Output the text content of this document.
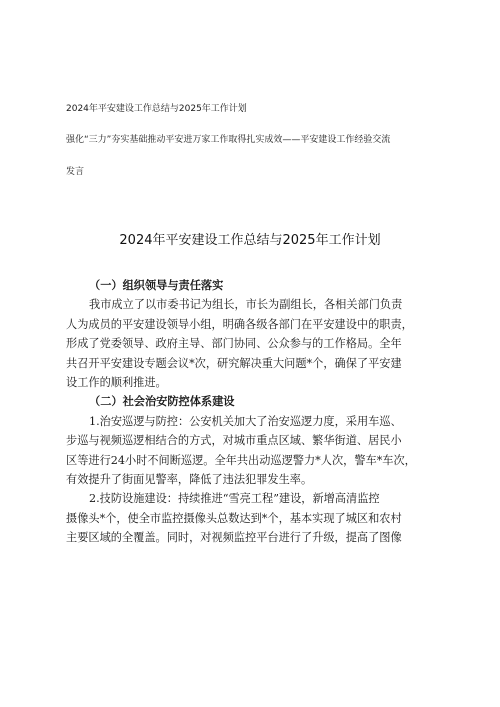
2024年平安建设工作总结与2025年工作计划
强化“三力”夯实基础推动平安进万家工作取得扎实成效——平安建设工作经验交流
发言
2024年平安建设工作总结与2025年工作计划
（一）组织领导与责任落实
我市成立了以市委书记为组长，市长为副组长，各相关部门负责
人为成员的平安建设领导小组，明确各级各部门在平安建设中的职责，
形成了党委领导、政府主导、部门协同、公众参与的工作格局。全年
共召开平安建设专题会议*次，研究解决重大问题*个，确保了平安建
设工作的顺利推进。
（二）社会治安防控体系建设
1.治安巡逻与防控：公安机关加大了治安巡逻力度，采用车巡、
步巡与视频巡逻相结合的方式，对城市重点区域、繁华街道、居民小
区等进行24小时不间断巡逻。全年共出动巡逻警力*人次，警车*车次，
有效提升了街面见警率，降低了违法犯罪发生率。
2.技防设施建设：持续推进“雪亮工程”建设，新增高清监控
摄像头*个，使全市监控摄像头总数达到*个，基本实现了城区和农村
主要区域的全覆盖。同时，对视频监控平台进行了升级，提高了图像
